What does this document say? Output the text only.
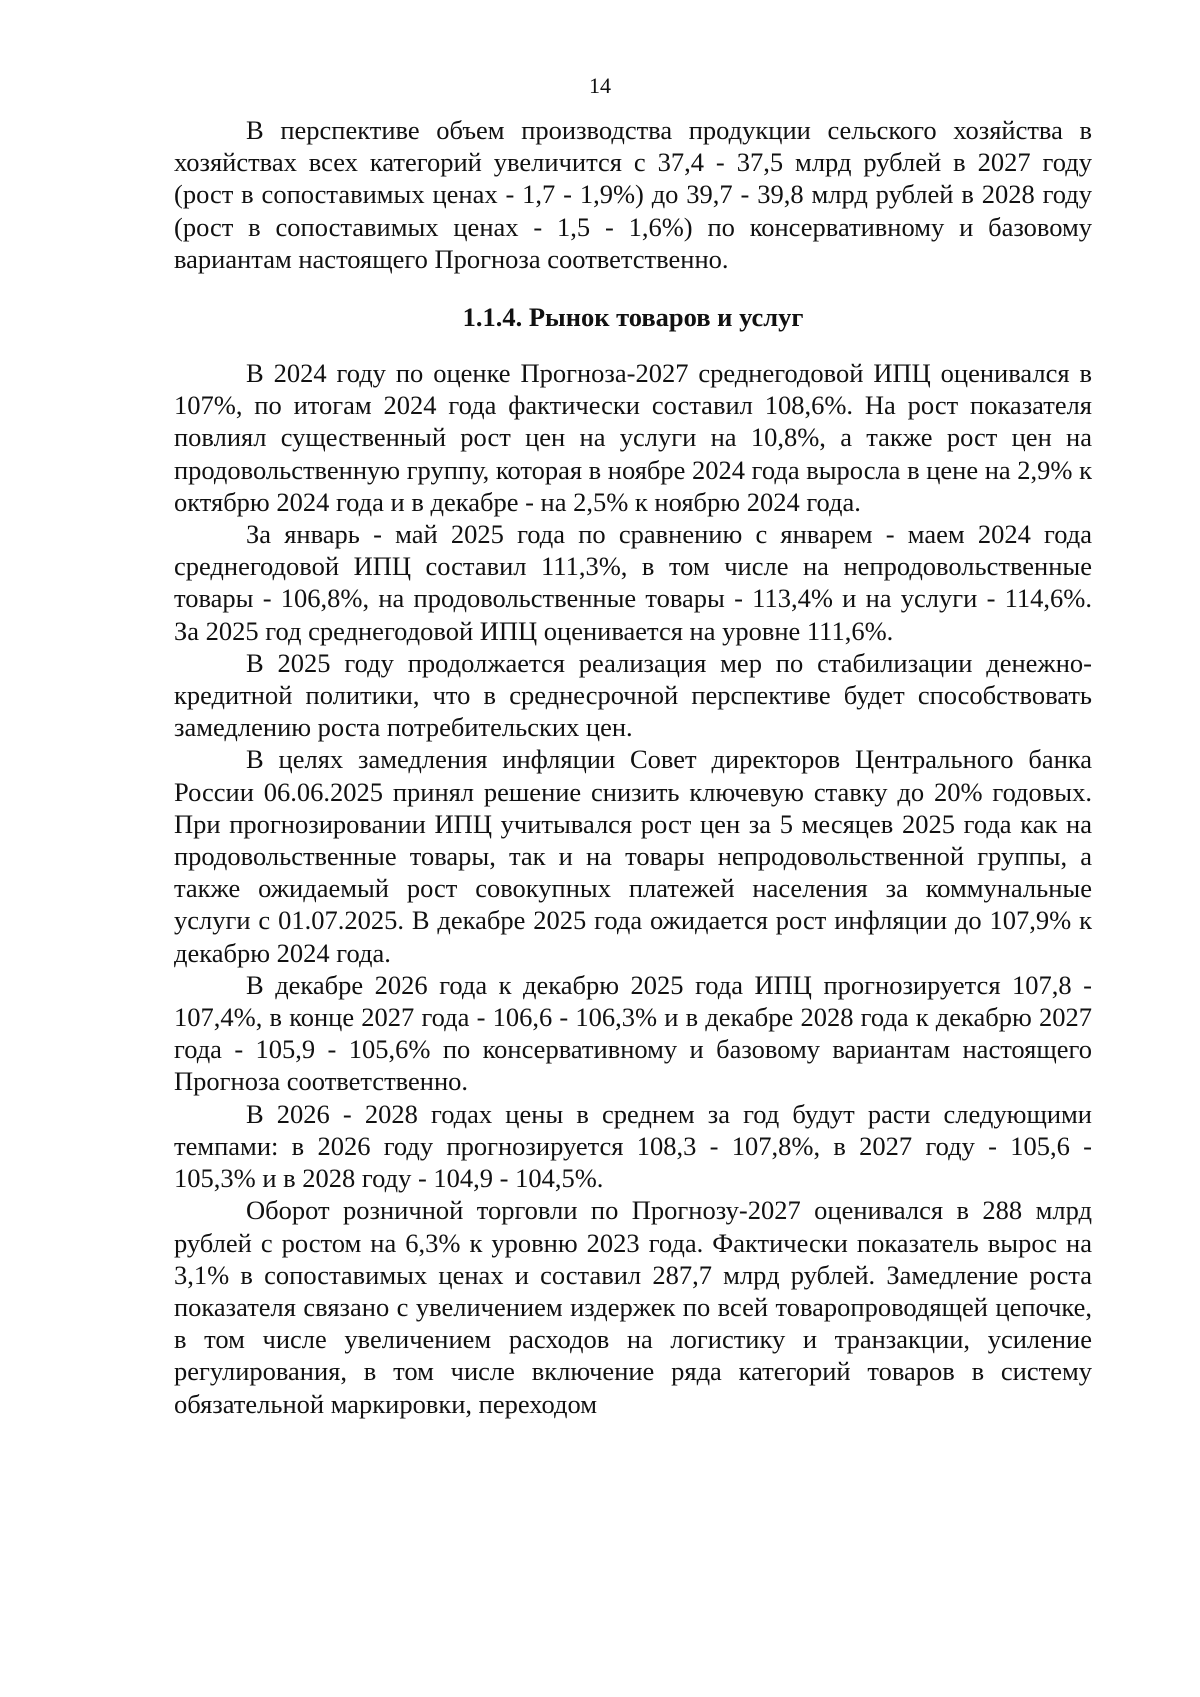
14

В перспективе объем производства продукции сельского хозяйства в хозяйствах всех категорий увеличится с 37,4 - 37,5 млрд рублей в 2027 году (рост в сопоставимых ценах - 1,7 - 1,9%) до 39,7 - 39,8 млрд рублей в 2028 году (рост в сопоставимых ценах - 1,5 - 1,6%) по консервативному и базовому вариантам настоящего Прогноза соответственно.

1.1.4. Рынок товаров и услуг

В 2024 году по оценке Прогноза-2027 среднегодовой ИПЦ оценивался в 107%, по итогам 2024 года фактически составил 108,6%. На рост показателя повлиял существенный рост цен на услуги на 10,8%, а также рост цен на продовольственную группу, которая в ноябре 2024 года выросла в цене на 2,9% к октябрю 2024 года и в декабре - на 2,5% к ноябрю 2024 года.

За январь - май 2025 года по сравнению с январем - маем 2024 года среднегодовой ИПЦ составил 111,3%, в том числе на непродовольственные товары - 106,8%, на продовольственные товары - 113,4% и на услуги - 114,6%. За 2025 год среднегодовой ИПЦ оценивается на уровне 111,6%.

В 2025 году продолжается реализация мер по стабилизации денежно-кредитной политики, что в среднесрочной перспективе будет способствовать замедлению роста потребительских цен.

В целях замедления инфляции Совет директоров Центрального банка России 06.06.2025 принял решение снизить ключевую ставку до 20% годовых. При прогнозировании ИПЦ учитывался рост цен за 5 месяцев 2025 года как на продовольственные товары, так и на товары непродовольственной группы, а также ожидаемый рост совокупных платежей населения за коммунальные услуги с 01.07.2025. В декабре 2025 года ожидается рост инфляции до 107,9% к декабрю 2024 года.

В декабре 2026 года к декабрю 2025 года ИПЦ прогнозируется 107,8 - 107,4%, в конце 2027 года - 106,6 - 106,3% и в декабре 2028 года к декабрю 2027 года - 105,9 - 105,6% по консервативному и базовому вариантам настоящего Прогноза соответственно.

В 2026 - 2028 годах цены в среднем за год будут расти следующими темпами: в 2026 году прогнозируется 108,3 - 107,8%, в 2027 году - 105,6 - 105,3% и в 2028 году - 104,9 - 104,5%.

Оборот розничной торговли по Прогнозу-2027 оценивался в 288 млрд рублей с ростом на 6,3% к уровню 2023 года. Фактически показатель вырос на 3,1% в сопоставимых ценах и составил 287,7 млрд рублей. Замедление роста показателя связано с увеличением издержек по всей товаропроводящей цепочке, в том числе увеличением расходов на логистику и транзакции, усиление регулирования, в том числе включение ряда категорий товаров в систему обязательной маркировки, переходом
